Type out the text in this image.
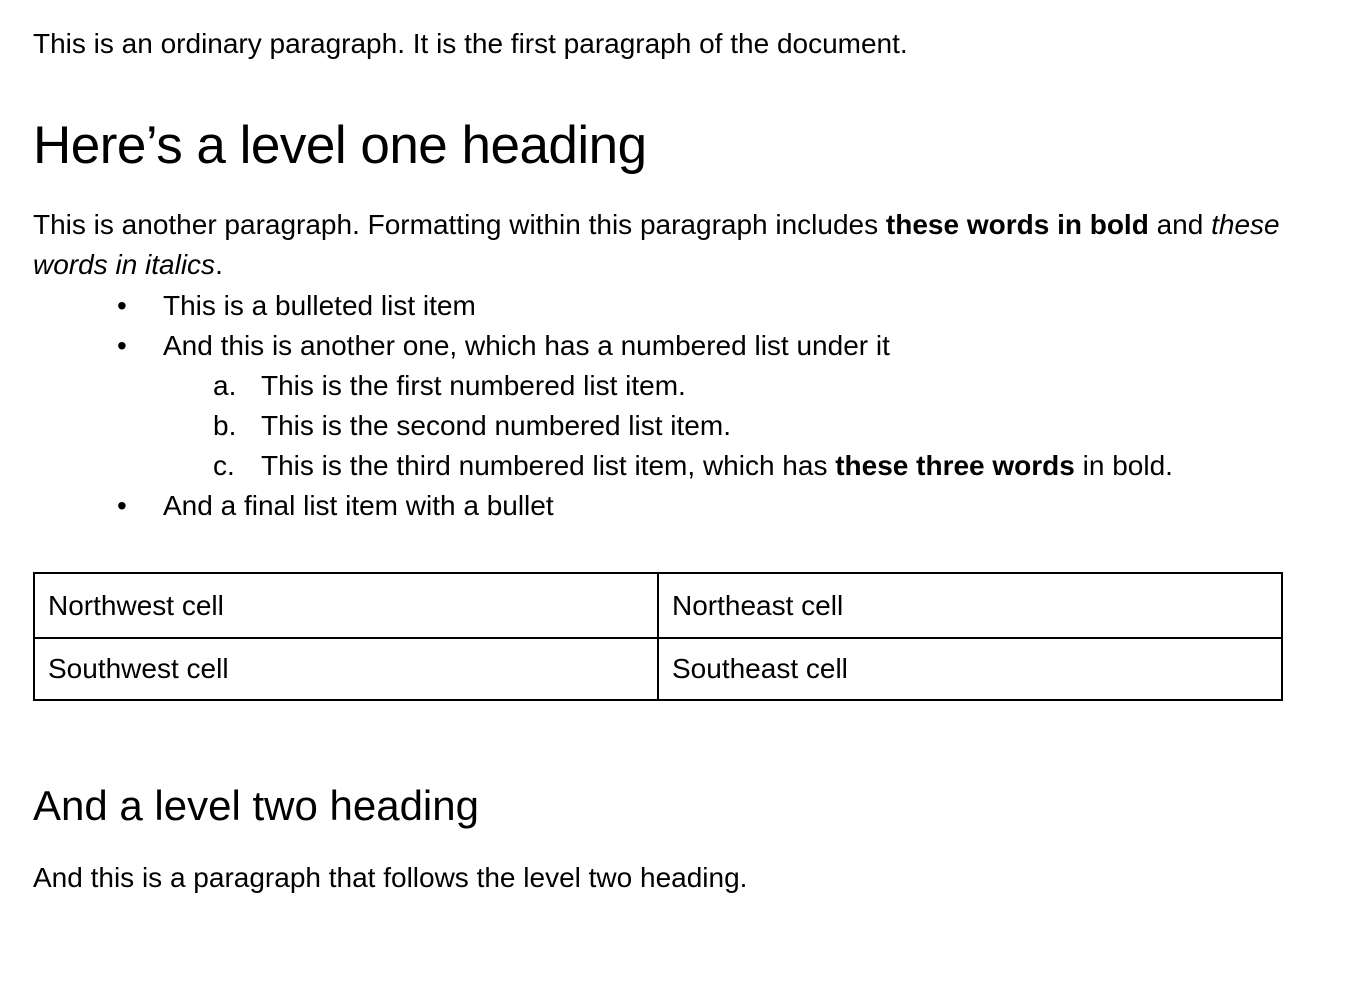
This is an ordinary paragraph. It is the first paragraph of the document.

Here’s a level one heading

This is another paragraph. Formatting within this paragraph includes these words in bold and these words in italics.

•	This is a bulleted list item
•	And this is another one, which has a numbered list under it
a. This is the first numbered list item.
b. This is the second numbered list item.
c. This is the third numbered list item, which has these three words in bold.
•	And a final list item with a bullet
Northwest cell	Northeast cell
Southwest cell	Southeast cell
And a level two heading

And this is a paragraph that follows the level two heading.
